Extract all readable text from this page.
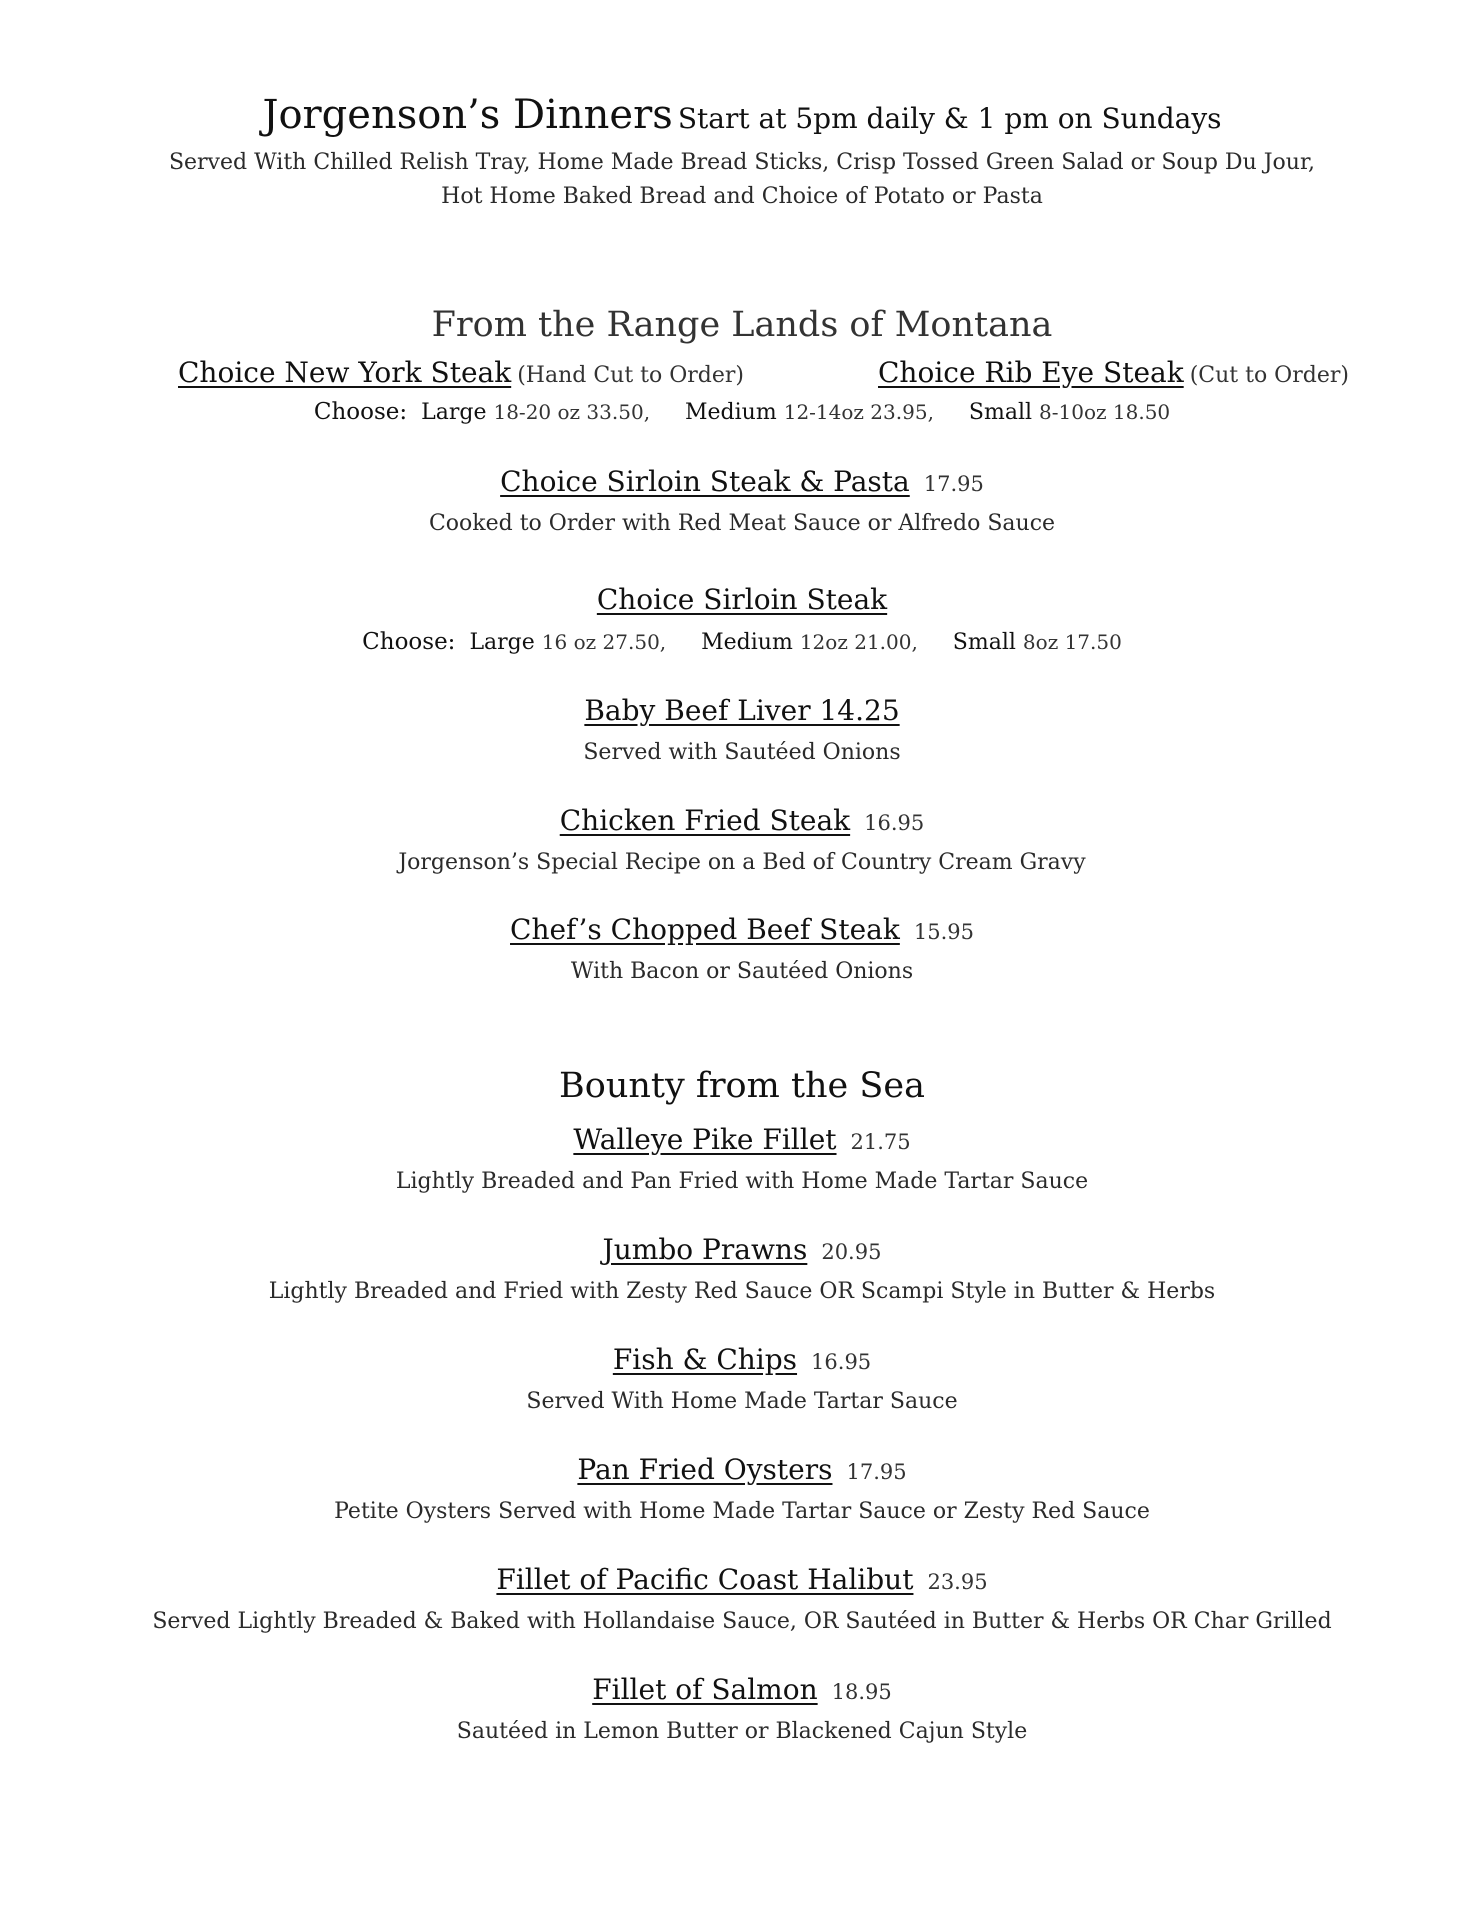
Jorgenson’s Dinners Start at 5pm daily & 1 pm on Sundays
Served With Chilled Relish Tray, Home Made Bread Sticks, Crisp Tossed Green Salad or Soup Du Jour,
Hot Home Baked Bread and Choice of Potato or Pasta
From the Range Lands of Montana
Choice New York Steak (Hand Cut to Order)	Choice Rib Eye Steak (Cut to Order)
Choose: Large 18-20 oz 33.50, Medium 12-14oz 23.95, Small 8-10oz 18.50
Choice Sirloin Steak & Pasta 17.95
Cooked to Order with Red Meat Sauce or Alfredo Sauce
Choice Sirloin Steak
Choose: Large 16 oz 27.50, Medium 12oz 21.00, Small 8oz 17.50
Baby Beef Liver 14.25
Served with Sautéed Onions
Chicken Fried Steak 16.95
Jorgenson’s Special Recipe on a Bed of Country Cream Gravy
Chef’s Chopped Beef Steak 15.95
With Bacon or Sautéed Onions
Bounty from the Sea
Walleye Pike Fillet 21.75
Lightly Breaded and Pan Fried with Home Made Tartar Sauce
Jumbo Prawns 20.95
Lightly Breaded and Fried with Zesty Red Sauce OR Scampi Style in Butter & Herbs
Fish & Chips 16.95
Served With Home Made Tartar Sauce
Pan Fried Oysters 17.95
Petite Oysters Served with Home Made Tartar Sauce or Zesty Red Sauce
Fillet of Pacific Coast Halibut 23.95
Served Lightly Breaded & Baked with Hollandaise Sauce, OR Sautéed in Butter & Herbs OR Char Grilled
Fillet of Salmon 18.95
Sautéed in Lemon Butter or Blackened Cajun Style
